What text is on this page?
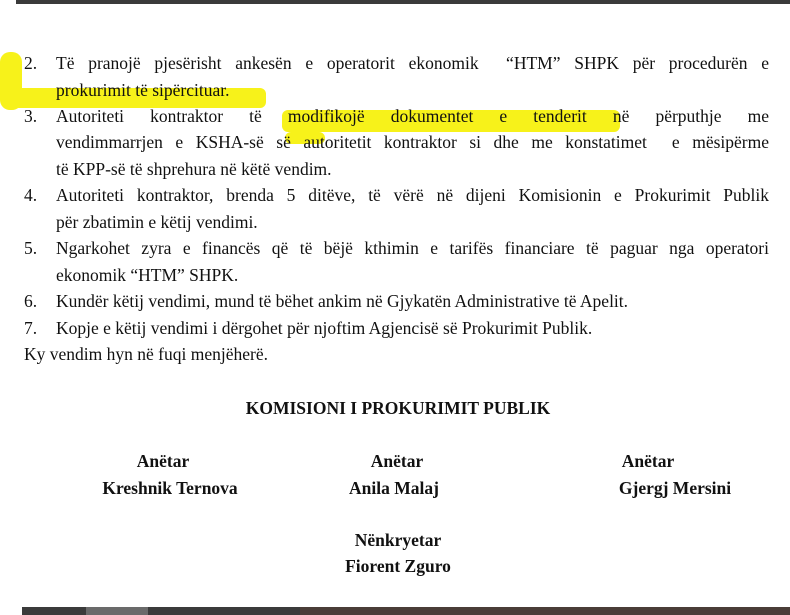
2. Të pranojë pjesërisht ankesën e operatorit ekonomik  “HTM” SHPK për procedurën e
prokurimit të sipërcituar.
3. Autoriteti kontraktor të modifikojë dokumentet e tenderit në përputhje me
vendimmarrjen e KSHA-së së autoritetit kontraktor si dhe me konstatimet  e mësipërme
të KPP-së të shprehura në këtë vendim.
4. Autoriteti kontraktor, brenda 5 ditëve, të vërë në dijeni Komisionin e Prokurimit Publik
për zbatimin e këtij vendimi.
5. Ngarkohet zyra e financës që të bëjë kthimin e tarifës financiare të paguar nga operatori
ekonomik “HTM” SHPK.
6. Kundër këtij vendimi, mund të bëhet ankim në Gjykatën Administrative të Apelit.
7. Kopje e këtij vendimi i dërgohet për njoftim Agjencisë së Prokurimit Publik.
Ky vendim hyn në fuqi menjëherë.
KOMISIONI I PROKURIMIT PUBLIK
Anëtar
Kreshnik Ternova
Anëtar
Anila Malaj
Anëtar
Gjergj Mersini
Nënkryetar
Fiorent Zguro
